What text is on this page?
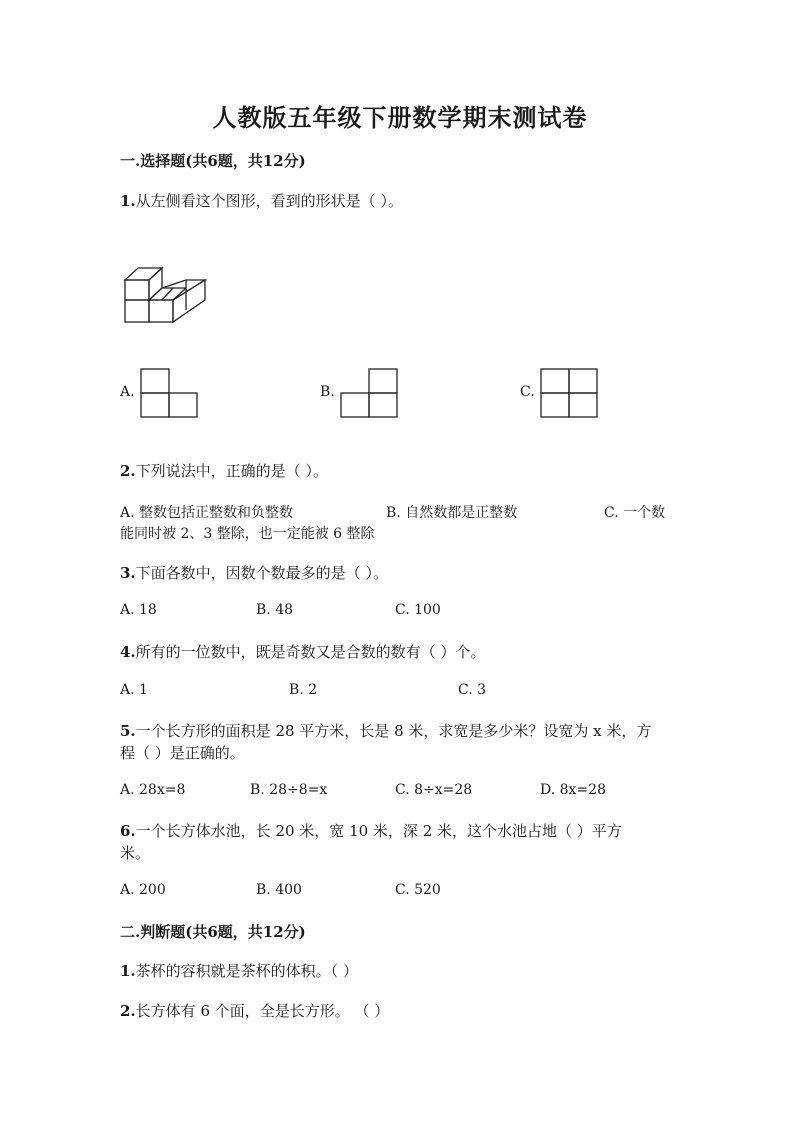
人教版五年级下册数学期末测试卷
一.选择题(共6题，共12分)
1.从左侧看这个图形，看到的形状是（ ）。
A.	B.	C.
2.下列说法中，正确的是（ ）。
A. 整数包括正整数和负整数	B. 自然数都是正整数	C. 一个数
能同时被 2、3 整除，也一定能被 6 整除
3.下面各数中，因数个数最多的是（ ）。
A. 18	B. 48	C. 100
4.所有的一位数中，既是奇数又是合数的数有（ ）个。
A. 1	B. 2	C. 3
5.一个长方形的面积是 28 平方米，长是 8 米，求宽是多少米？设宽为 x 米，方
程（ ）是正确的。
A. 28x=8	B. 28÷8=x	C. 8÷x=28	D. 8x=28
6.一个长方体水池，长 20 米，宽 10 米，深 2 米，这个水池占地（ ）平方
米。
A. 200	B. 400	C. 520
二.判断题(共6题，共12分)
1.茶杯的容积就是茶杯的体积。（ ）
2.长方体有 6 个面，全是长方形。 （ ）
